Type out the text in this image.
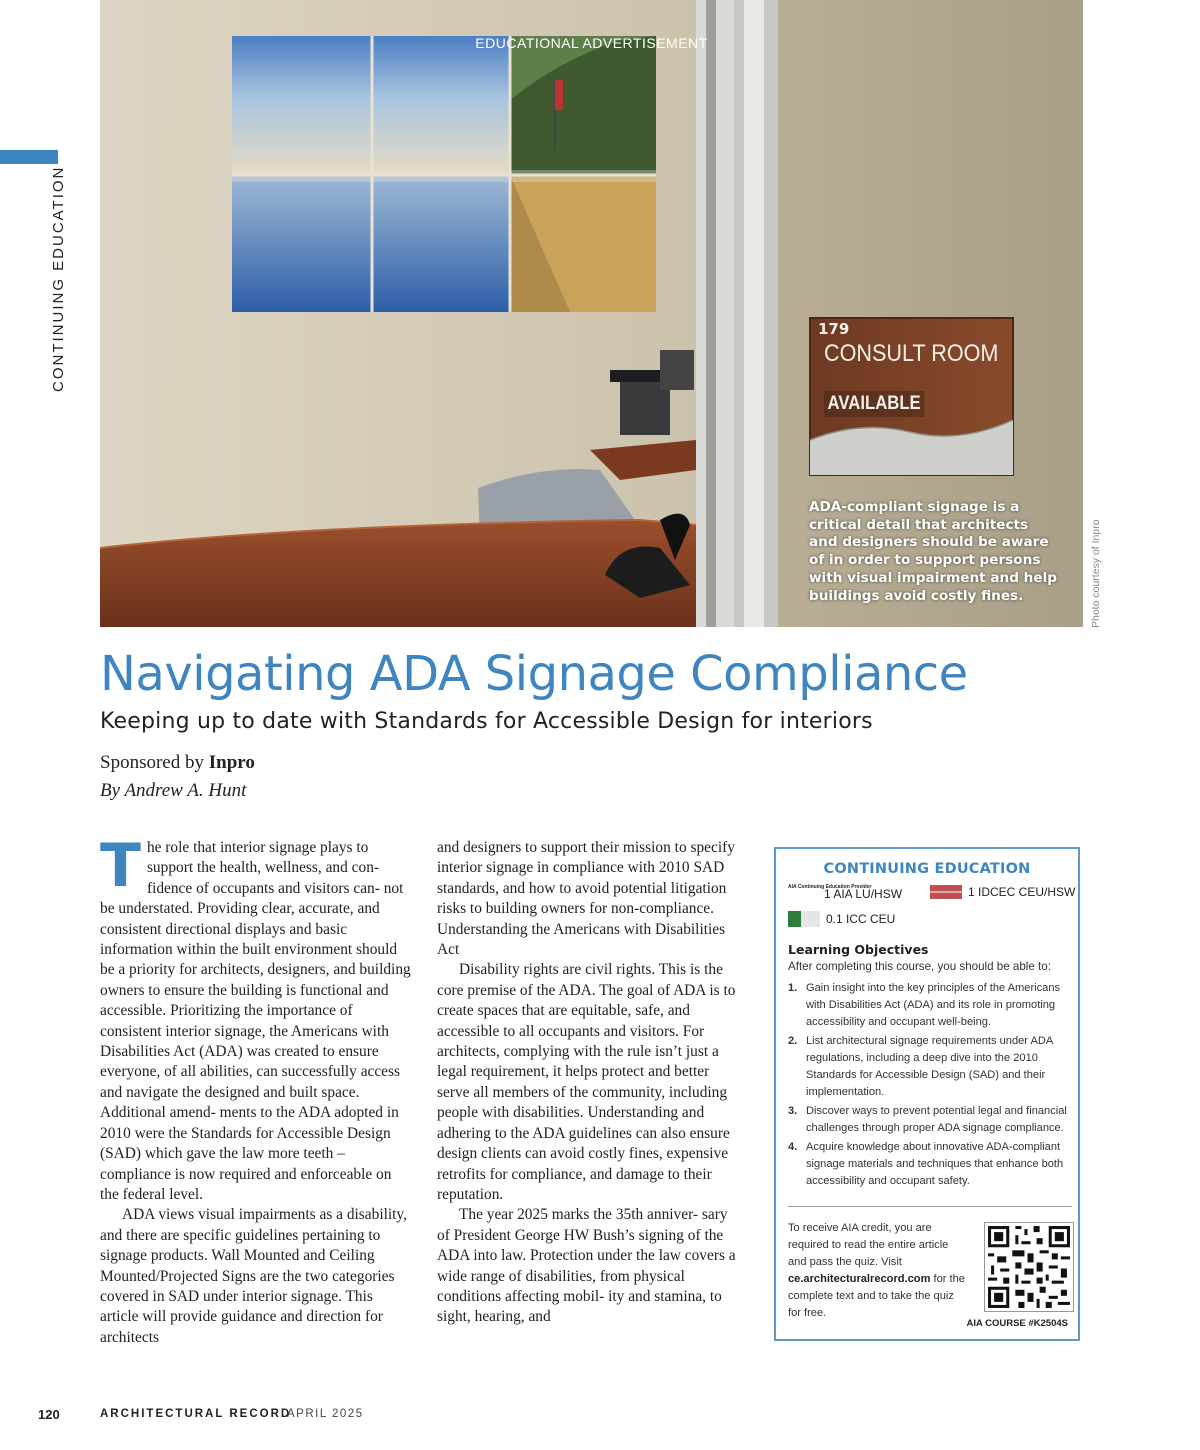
CONTINUING EDUCATION
EDUCATIONAL ADVERTISEMENT
179
CONSULT ROOM
AVAILABLE
ADA-compliant signage is a critical detail that architects and designers should be aware of in order to support persons with visual impairment and help buildings avoid costly fines.	Photo courtesy of Inpro
Navigating ADA Signage Compliance
Keeping up to date with Standards for Accessible Design for interiors
Sponsored by Inpro
By Andrew A. Hunt

The role that interior signage plays to support the health, wellness, and con- fidence of occupants and visitors can- not be understated. Providing clear, accurate, and consistent directional displays and basic information within the built environment should be a priority for architects, designers, and building owners to ensure the building is functional and accessible. Prioritizing the importance of consistent interior signage, the Americans with Disabilities Act (ADA) was created to ensure everyone, of all abilities, can successfully access and navigate the designed and built space. Additional amend- ments to the ADA adopted in 2010 were the Standards for Accessible Design (SAD) which gave the law more teeth – compliance is now required and enforceable on the federal level.

ADA views visual impairments as a disability, and there are specific guidelines pertaining to signage products. Wall Mounted and Ceiling Mounted/Projected Signs are the two categories covered in SAD under interior signage. This article will provide guidance and direction for architects

and designers to support their mission to specify interior signage in compliance with 2010 SAD standards, and how to avoid potential litigation risks to building owners for non-compliance. Understanding the Americans with Disabilities Act

Disability rights are civil rights. This is the core premise of the ADA. The goal of ADA is to create spaces that are equitable, safe, and accessible to all occupants and visitors. For architects, complying with the rule isn’t just a legal requirement, it helps protect and better serve all members of the community, including people with disabilities. Understanding and adhering to the ADA guidelines can also ensure design clients can avoid costly fines, expensive retrofits for compliance, and damage to their reputation.

The year 2025 marks the 35th anniver- sary of President George HW Bush’s signing of the ADA into law. Protection under the law covers a wide range of disabilities, from physical conditions affecting mobil- ity and stamina, to sight, hearing, and

CONTINUING EDUCATION
AIA Continuing Education Provider
1 AIA LU/HSW	1 IDCEC CEU/HSW
0.1 ICC CEU
Learning Objectives
After completing this course, you should be able to:
1. Gain insight into the key principles of the Americans with Disabilities Act (ADA) and its role in promoting accessibility and occupant well-being.
2. List architectural signage requirements under ADA regulations, including a deep dive into the 2010 Standards for Accessible Design (SAD) and their implementation.
3. Discover ways to prevent potential legal and financial challenges through proper ADA signage compliance.
4. Acquire knowledge about innovative ADA-compliant signage materials and techniques that enhance both accessibility and occupant safety.
To receive AIA credit, you are required to read the entire article and pass the quiz. Visit ce.architecturalrecord.com for the complete text and to take the quiz for free.
AIA COURSE #K2504S
120	ARCHITECTURAL RECORD
APRIL 2025
